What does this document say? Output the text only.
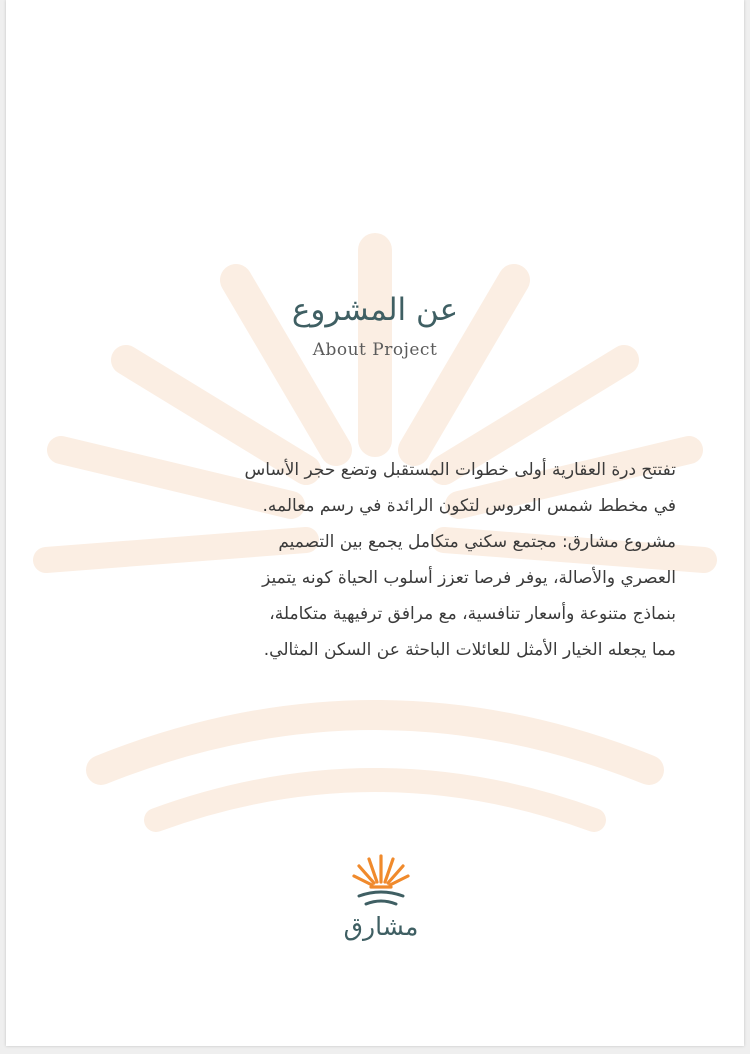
عن المشروع
About Project
تفتتح درة العقارية أولى خطوات المستقبل وتضع حجر الأساس
في مخطط شمس العروس لتكون الرائدة في رسم معالمه.
مشروع مشارق: مجتمع سكني متكامل يجمع بين التصميم
العصري والأصالة، يوفر فرصا تعزز أسلوب الحياة كونه يتميز
بنماذج متنوعة وأسعار تنافسية، مع مرافق ترفيهية متكاملة،
مما يجعله الخيار الأمثل للعائلات الباحثة عن السكن المثالي.
مشارق
